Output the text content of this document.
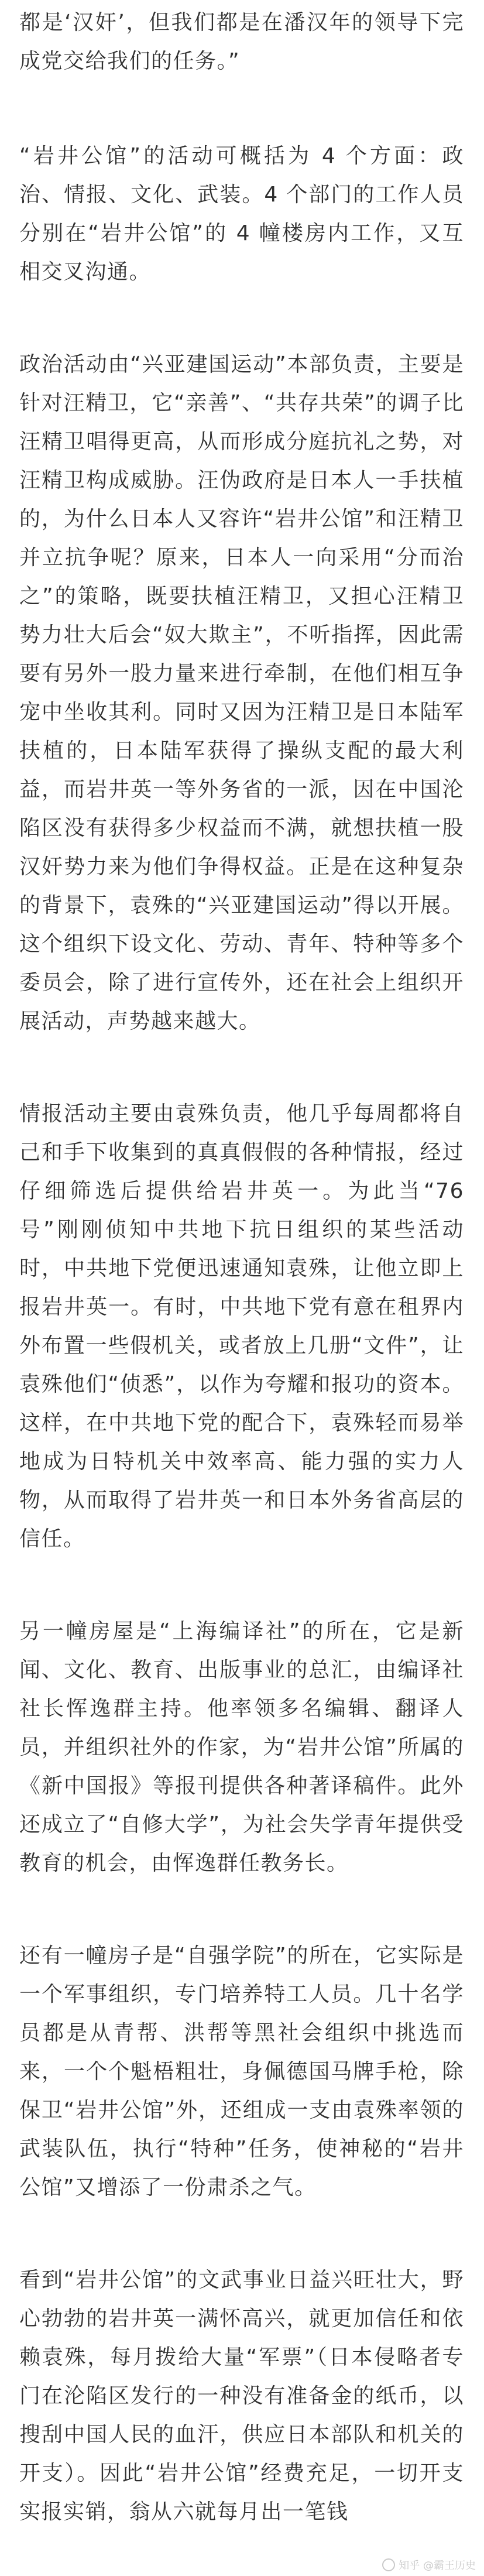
都是‘汉奸’，但我们都是在潘汉年的领导下完成党交给我们的任务。”

“岩井公馆”的活动可概括为 4 个方面：政治、情报、文化、武装。4 个部门的工作人员分别在“岩井公馆”的 4 幢楼房内工作，又互相交叉沟通。

政治活动由“兴亚建国运动”本部负责，主要是针对汪精卫，它“亲善”、“共存共荣”的调子比汪精卫唱得更高，从而形成分庭抗礼之势，对汪精卫构成威胁。汪伪政府是日本人一手扶植的，为什么日本人又容许“岩井公馆”和汪精卫并立抗争呢？原来，日本人一向采用“分而治之”的策略，既要扶植汪精卫，又担心汪精卫势力壮大后会“奴大欺主”，不听指挥，因此需要有另外一股力量来进行牵制，在他们相互争宠中坐收其利。同时又因为汪精卫是日本陆军扶植的，日本陆军获得了操纵支配的最大利益，而岩井英一等外务省的一派，因在中国沦陷区没有获得多少权益而不满，就想扶植一股汉奸势力来为他们争得权益。正是在这种复杂的背景下，袁殊的“兴亚建国运动”得以开展。这个组织下设文化、劳动、青年、特种等多个委员会，除了进行宣传外，还在社会上组织开展活动，声势越来越大。

情报活动主要由袁殊负责，他几乎每周都将自己和手下收集到的真真假假的各种情报，经过仔细筛选后提供给岩井英一。为此当“76号”刚刚侦知中共地下抗日组织的某些活动时，中共地下党便迅速通知袁殊，让他立即上报岩井英一。有时，中共地下党有意在租界内外布置一些假机关，或者放上几册“文件”，让袁殊他们“侦悉”，以作为夸耀和报功的资本。这样，在中共地下党的配合下，袁殊轻而易举地成为日特机关中效率高、能力强的实力人物，从而取得了岩井英一和日本外务省高层的信任。

另一幢房屋是“上海编译社”的所在，它是新闻、文化、教育、出版事业的总汇，由编译社社长恽逸群主持。他率领多名编辑、翻译人员，并组织社外的作家，为“岩井公馆”所属的《新中国报》等报刊提供各种著译稿件。此外还成立了“自修大学”，为社会失学青年提供受教育的机会，由恽逸群任教务长。

还有一幢房子是“自强学院”的所在，它实际是一个军事组织，专门培养特工人员。几十名学员都是从青帮、洪帮等黑社会组织中挑选而来，一个个魁梧粗壮，身佩德国马牌手枪，除保卫“岩井公馆”外，还组成一支由袁殊率领的武装队伍，执行“特种”任务，使神秘的“岩井公馆”又增添了一份肃杀之气。

看到“岩井公馆”的文武事业日益兴旺壮大，野心勃勃的岩井英一满怀高兴，就更加信任和依赖袁殊，每月拨给大量“军票”（日本侵略者专门在沦陷区发行的一种没有准备金的纸币，以搜刮中国人民的血汗，供应日本部队和机关的开支）。因此“岩井公馆”经费充足，一切开支实报实销，翁从六就每月出一笔钱

知乎 @霸王历史
